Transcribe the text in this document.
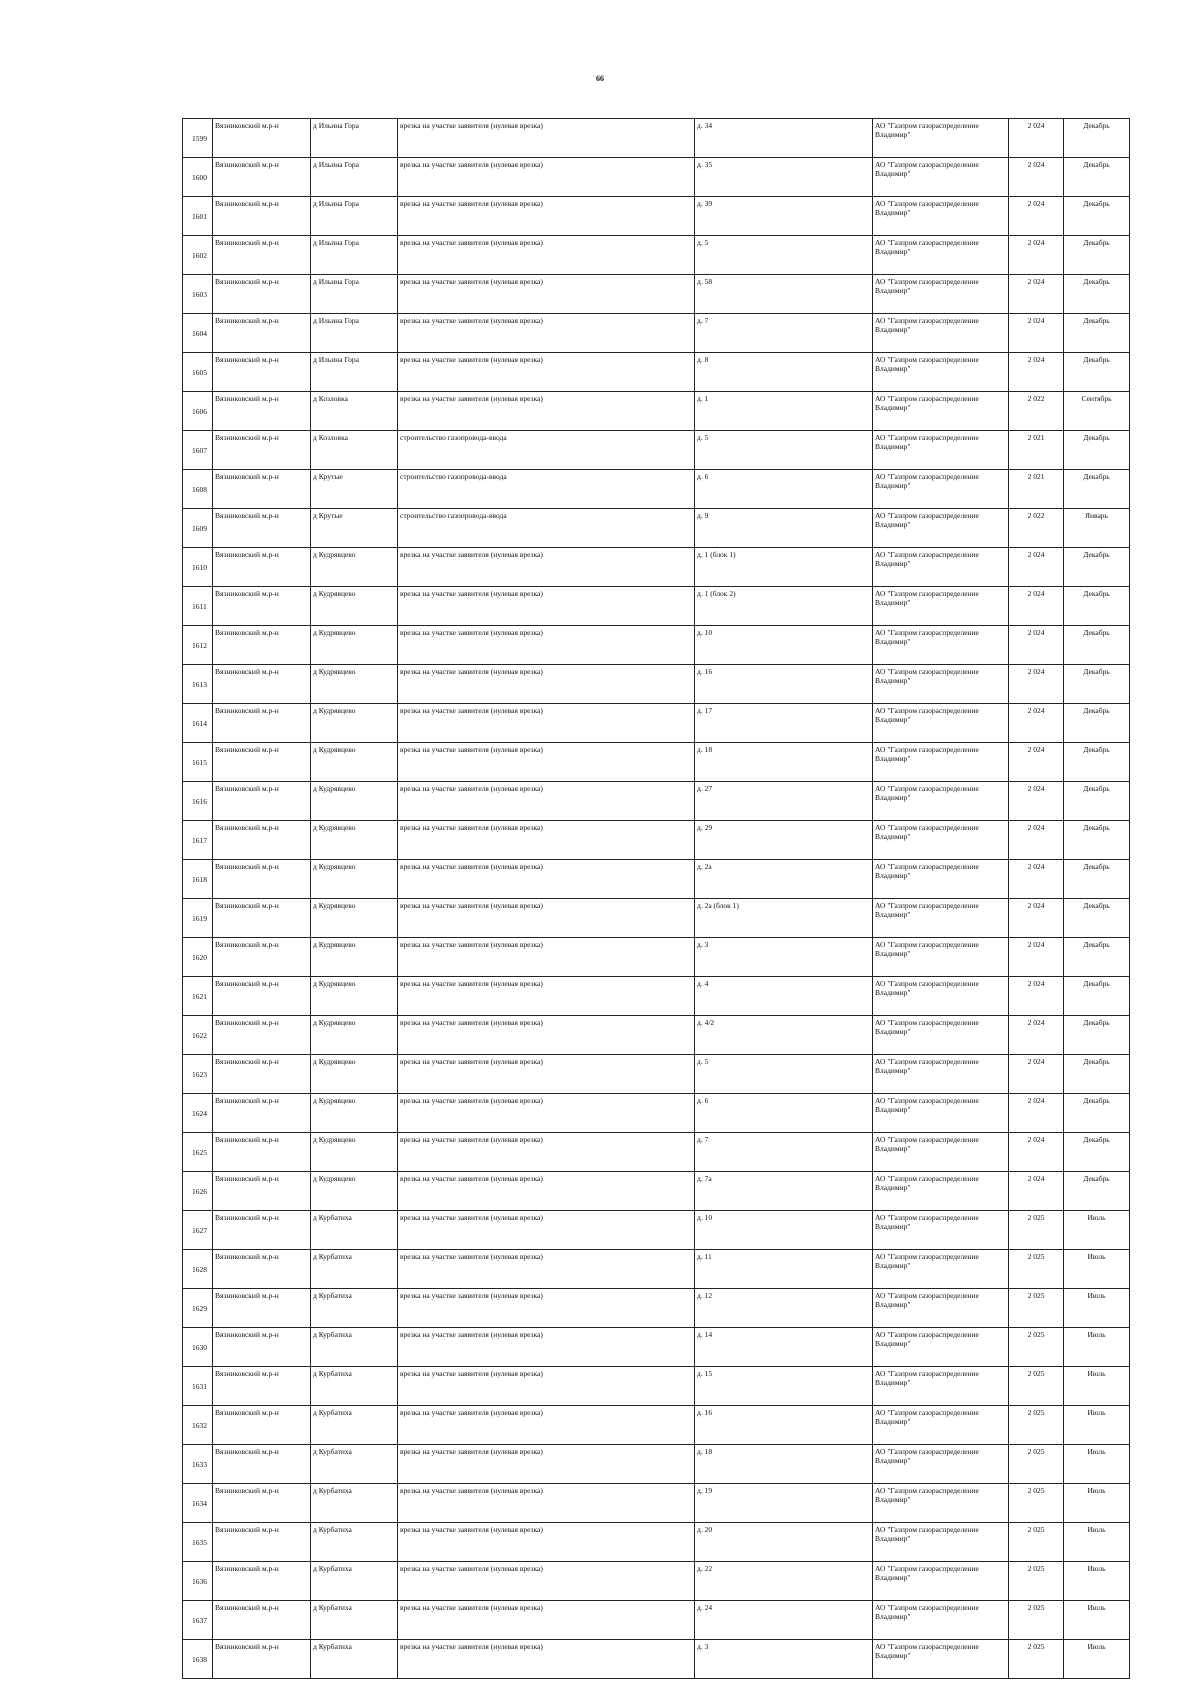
66
1599	Вязниковский м.р-н	д Ильина Гора	врезка на участке заявителя (нулевая врезка)	д. 34	АО "Газпром газораспределение Владимир"	2 024	Декабрь
1600	Вязниковский м.р-н	д Ильина Гора	врезка на участке заявителя (нулевая врезка)	д. 35	АО "Газпром газораспределение Владимир"	2 024	Декабрь
1601	Вязниковский м.р-н	д Ильина Гора	врезка на участке заявителя (нулевая врезка)	д. 39	АО "Газпром газораспределение Владимир"	2 024	Декабрь
1602	Вязниковский м.р-н	д Ильина Гора	врезка на участке заявителя (нулевая врезка)	д. 5	АО "Газпром газораспределение Владимир"	2 024	Декабрь
1603	Вязниковский м.р-н	д Ильина Гора	врезка на участке заявителя (нулевая врезка)	д. 58	АО "Газпром газораспределение Владимир"	2 024	Декабрь
1604	Вязниковский м.р-н	д Ильина Гора	врезка на участке заявителя (нулевая врезка)	д. 7	АО "Газпром газораспределение Владимир"	2 024	Декабрь
1605	Вязниковский м.р-н	д Ильина Гора	врезка на участке заявителя (нулевая врезка)	д. 8	АО "Газпром газораспределение Владимир"	2 024	Декабрь
1606	Вязниковский м.р-н	д Козловка	врезка на участке заявителя (нулевая врезка)	д. 1	АО "Газпром газораспределение Владимир"	2 022	Сентябрь
1607	Вязниковский м.р-н	д Козловка	строительство газопровода-ввода	д. 5	АО "Газпром газораспределение Владимир"	2 021	Декабрь
1608	Вязниковский м.р-н	д Крутые	строительство газопровода-ввода	д. 6	АО "Газпром газораспределение Владимир"	2 021	Декабрь
1609	Вязниковский м.р-н	д Крутые	строительство газопровода-ввода	д. 9	АО "Газпром газораспределение Владимир"	2 022	Январь
1610	Вязниковский м.р-н	д Кудрявцево	врезка на участке заявителя (нулевая врезка)	д. 1 (блок 1)	АО "Газпром газораспределение Владимир"	2 024	Декабрь
1611	Вязниковский м.р-н	д Кудрявцево	врезка на участке заявителя (нулевая врезка)	д. 1 (блок 2)	АО "Газпром газораспределение Владимир"	2 024	Декабрь
1612	Вязниковский м.р-н	д Кудрявцево	врезка на участке заявителя (нулевая врезка)	д. 10	АО "Газпром газораспределение Владимир"	2 024	Декабрь
1613	Вязниковский м.р-н	д Кудрявцево	врезка на участке заявителя (нулевая врезка)	д. 16	АО "Газпром газораспределение Владимир"	2 024	Декабрь
1614	Вязниковский м.р-н	д Кудрявцево	врезка на участке заявителя (нулевая врезка)	д. 17	АО "Газпром газораспределение Владимир"	2 024	Декабрь
1615	Вязниковский м.р-н	д Кудрявцево	врезка на участке заявителя (нулевая врезка)	д. 18	АО "Газпром газораспределение Владимир"	2 024	Декабрь
1616	Вязниковский м.р-н	д Кудрявцево	врезка на участке заявителя (нулевая врезка)	д. 27	АО "Газпром газораспределение Владимир"	2 024	Декабрь
1617	Вязниковский м.р-н	д Кудрявцево	врезка на участке заявителя (нулевая врезка)	д. 29	АО "Газпром газораспределение Владимир"	2 024	Декабрь
1618	Вязниковский м.р-н	д Кудрявцево	врезка на участке заявителя (нулевая врезка)	д. 2а	АО "Газпром газораспределение Владимир"	2 024	Декабрь
1619	Вязниковский м.р-н	д Кудрявцево	врезка на участке заявителя (нулевая врезка)	д. 2а (блок 1)	АО "Газпром газораспределение Владимир"	2 024	Декабрь
1620	Вязниковский м.р-н	д Кудрявцево	врезка на участке заявителя (нулевая врезка)	д. 3	АО "Газпром газораспределение Владимир"	2 024	Декабрь
1621	Вязниковский м.р-н	д Кудрявцево	врезка на участке заявителя (нулевая врезка)	д. 4	АО "Газпром газораспределение Владимир"	2 024	Декабрь
1622	Вязниковский м.р-н	д Кудрявцево	врезка на участке заявителя (нулевая врезка)	д. 4/2	АО "Газпром газораспределение Владимир"	2 024	Декабрь
1623	Вязниковский м.р-н	д Кудрявцево	врезка на участке заявителя (нулевая врезка)	д. 5	АО "Газпром газораспределение Владимир"	2 024	Декабрь
1624	Вязниковский м.р-н	д Кудрявцево	врезка на участке заявителя (нулевая врезка)	д. 6	АО "Газпром газораспределение Владимир"	2 024	Декабрь
1625	Вязниковский м.р-н	д Кудрявцево	врезка на участке заявителя (нулевая врезка)	д. 7	АО "Газпром газораспределение Владимир"	2 024	Декабрь
1626	Вязниковский м.р-н	д Кудрявцево	врезка на участке заявителя (нулевая врезка)	д. 7а	АО "Газпром газораспределение Владимир"	2 024	Декабрь
1627	Вязниковский м.р-н	д Курбатиха	врезка на участке заявителя (нулевая врезка)	д. 10	АО "Газпром газораспределение Владимир"	2 025	Июль
1628	Вязниковский м.р-н	д Курбатиха	врезка на участке заявителя (нулевая врезка)	д. 11	АО "Газпром газораспределение Владимир"	2 025	Июль
1629	Вязниковский м.р-н	д Курбатиха	врезка на участке заявителя (нулевая врезка)	д. 12	АО "Газпром газораспределение Владимир"	2 025	Июль
1630	Вязниковский м.р-н	д Курбатиха	врезка на участке заявителя (нулевая врезка)	д. 14	АО "Газпром газораспределение Владимир"	2 025	Июль
1631	Вязниковский м.р-н	д Курбатиха	врезка на участке заявителя (нулевая врезка)	д. 15	АО "Газпром газораспределение Владимир"	2 025	Июль
1632	Вязниковский м.р-н	д Курбатиха	врезка на участке заявителя (нулевая врезка)	д. 16	АО "Газпром газораспределение Владимир"	2 025	Июль
1633	Вязниковский м.р-н	д Курбатиха	врезка на участке заявителя (нулевая врезка)	д. 18	АО "Газпром газораспределение Владимир"	2 025	Июль
1634	Вязниковский м.р-н	д Курбатиха	врезка на участке заявителя (нулевая врезка)	д. 19	АО "Газпром газораспределение Владимир"	2 025	Июль
1635	Вязниковский м.р-н	д Курбатиха	врезка на участке заявителя (нулевая врезка)	д. 20	АО "Газпром газораспределение Владимир"	2 025	Июль
1636	Вязниковский м.р-н	д Курбатиха	врезка на участке заявителя (нулевая врезка)	д. 22	АО "Газпром газораспределение Владимир"	2 025	Июль
1637	Вязниковский м.р-н	д Курбатиха	врезка на участке заявителя (нулевая врезка)	д. 24	АО "Газпром газораспределение Владимир"	2 025	Июль
1638	Вязниковский м.р-н	д Курбатиха	врезка на участке заявителя (нулевая врезка)	д. 3	АО "Газпром газораспределение Владимир"	2 025	Июль
